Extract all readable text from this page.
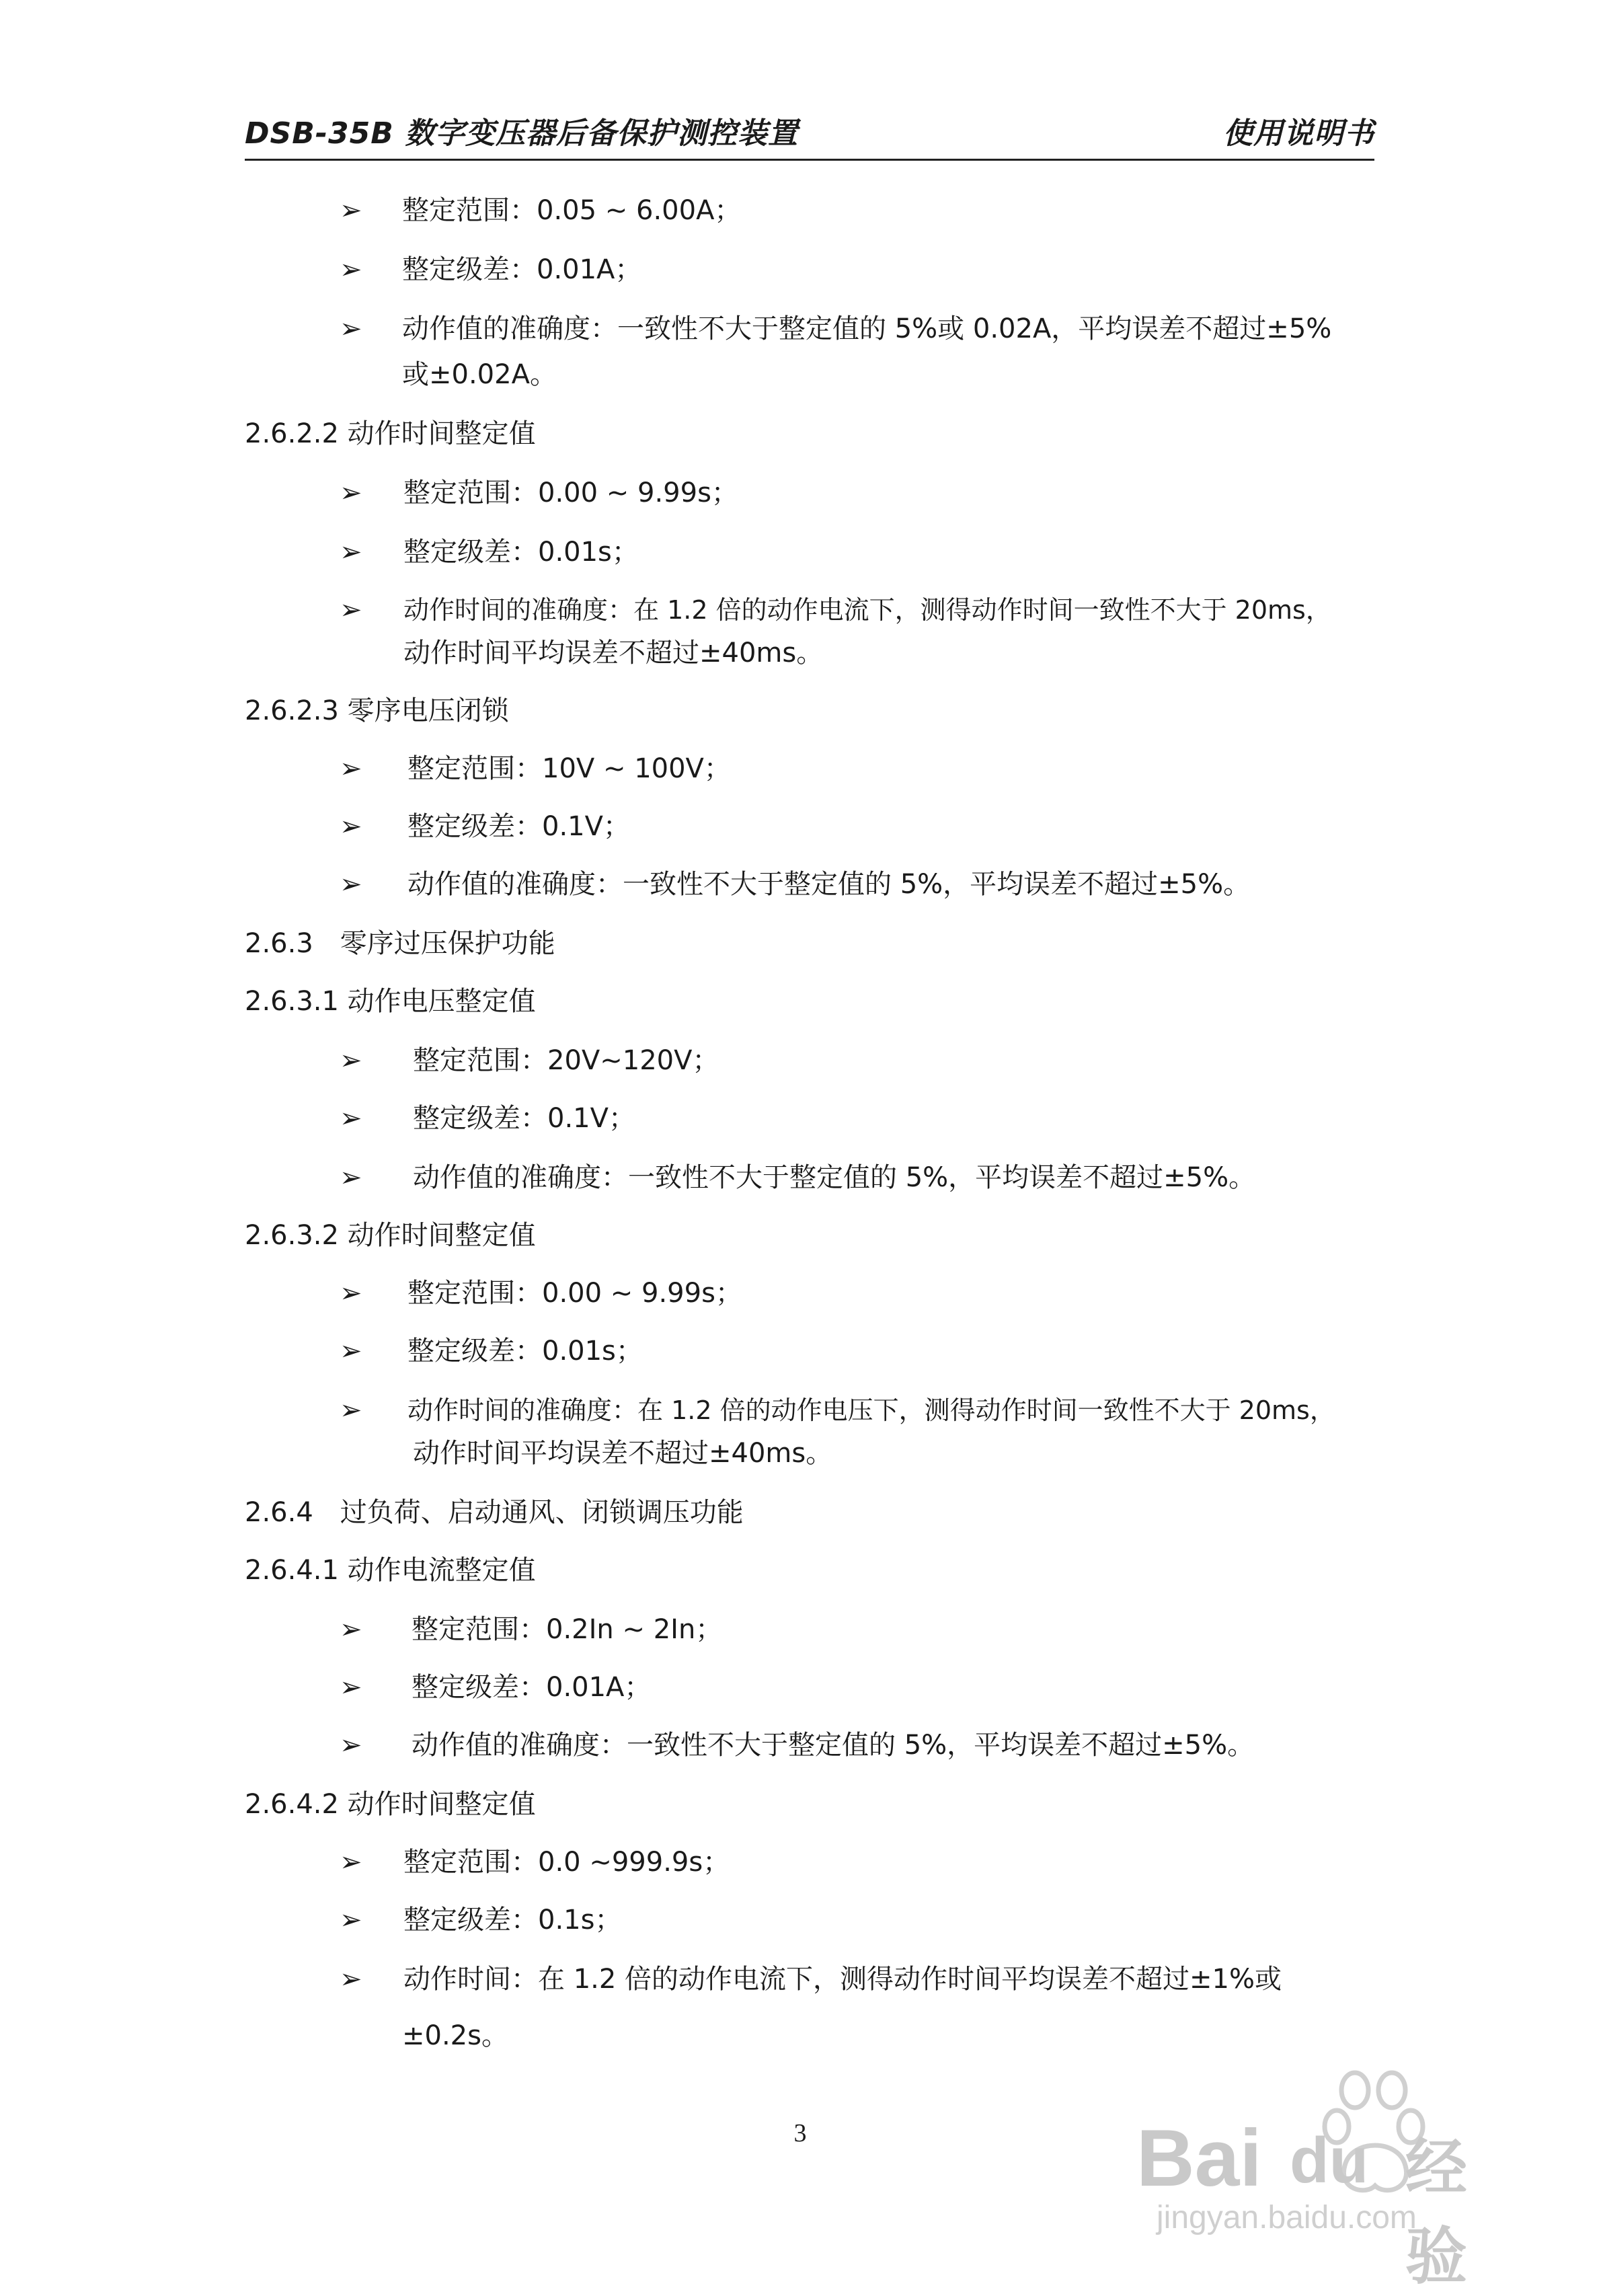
DSB-35B 数字变压器后备保护测控装置	使用说明书
➢ 整定范围：0.05 ~ 6.00A；
➢ 整定级差：0.01A；
➢ 动作值的准确度：一致性不大于整定值的 5%或 0.02A，平均误差不超过±5%
或±0.02A。
2.6.2.2 动作时间整定值
➢ 整定范围：0.00 ~ 9.99s；
➢ 整定级差：0.01s；
➢ 动作时间的准确度：在 1.2 倍的动作电流下，测得动作时间一致性不大于 20ms，
动作时间平均误差不超过±40ms。
2.6.2.3 零序电压闭锁
➢ 整定范围：10V ~ 100V；
➢ 整定级差：0.1V；
➢ 动作值的准确度：一致性不大于整定值的 5%，平均误差不超过±5%。
2.6.3　零序过压保护功能
2.6.3.1 动作电压整定值
➢ 整定范围：20V~120V；
➢ 整定级差：0.1V；
➢ 动作值的准确度：一致性不大于整定值的 5%，平均误差不超过±5%。
2.6.3.2 动作时间整定值
➢ 整定范围：0.00 ~ 9.99s；
➢ 整定级差：0.01s；
➢ 动作时间的准确度：在 1.2 倍的动作电压下，测得动作时间一致性不大于 20ms，
动作时间平均误差不超过±40ms。
2.6.4　过负荷、启动通风、闭锁调压功能
2.6.4.1 动作电流整定值
➢ 整定范围：0.2In ~ 2In；
➢ 整定级差：0.01A；
➢ 动作值的准确度：一致性不大于整定值的 5%，平均误差不超过±5%。
2.6.4.2 动作时间整定值
➢ 整定范围：0.0 ~999.9s；
➢ 整定级差：0.1s；
➢ 动作时间：在 1.2 倍的动作电流下，测得动作时间平均误差不超过±1%或
±0.2s。
3	Bai du 经验
jingyan.baidu.com
